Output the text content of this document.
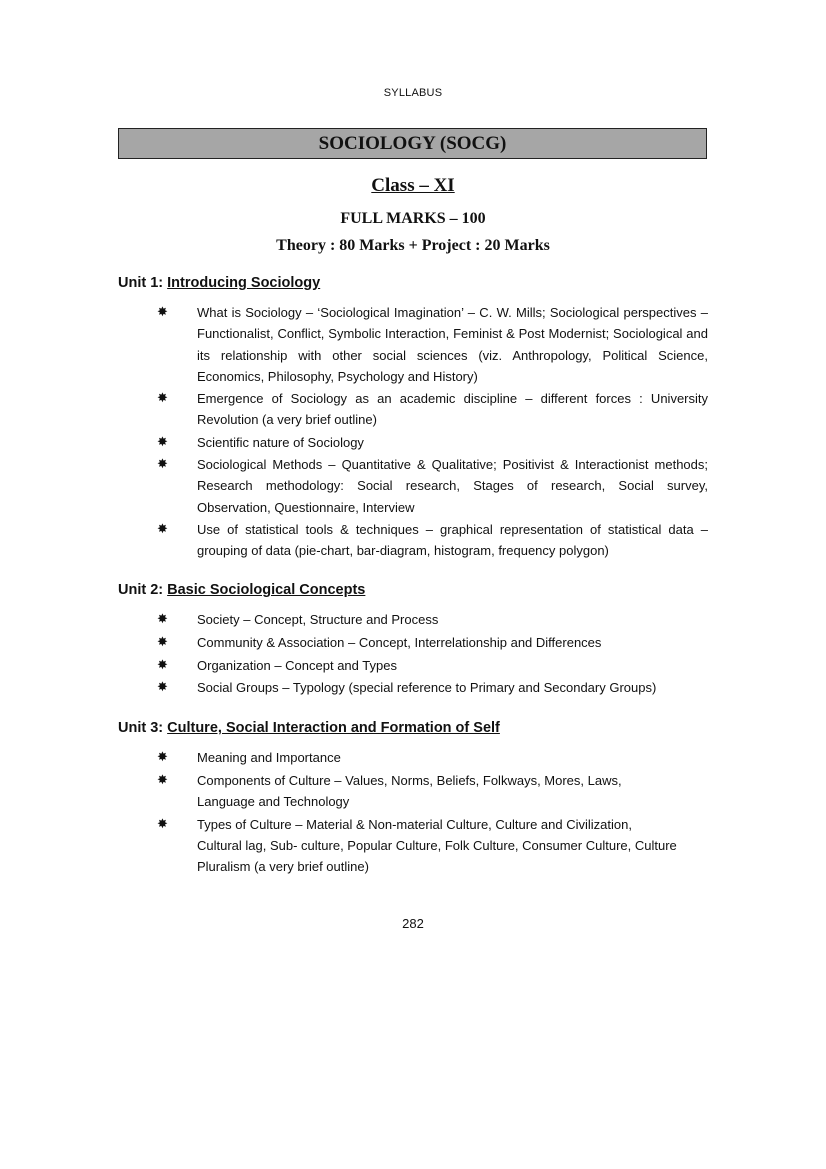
SYLLABUS
SOCIOLOGY (SOCG)
Class – XI
FULL MARKS – 100
Theory : 80 Marks + Project : 20 Marks
Unit 1: Introducing Sociology
✸ What is Sociology – ‘Sociological Imagination’ – C. W. Mills; Sociological perspectives – Functionalist, Conflict, Symbolic Interaction, Feminist & Post Modernist; Sociological and its relationship with other social sciences (viz. Anthropology, Political Science, Economics, Philosophy, Psychology and History)
✸ Emergence of Sociology as an academic discipline – different forces : University Revolution (a very brief outline)
✸ Scientific nature of Sociology
✸ Sociological Methods – Quantitative & Qualitative; Positivist & Interactionist methods; Research methodology: Social research, Stages of research, Social survey, Observation, Questionnaire, Interview
✸ Use of statistical tools & techniques – graphical representation of statistical data – grouping of data (pie-chart, bar-diagram, histogram, frequency polygon)
Unit 2: Basic Sociological Concepts
✸ Society – Concept, Structure and Process
✸ Community & Association – Concept, Interrelationship and Differences
✸ Organization – Concept and Types
✸ Social Groups – Typology (special reference to Primary and Secondary Groups)
Unit 3: Culture, Social Interaction and Formation of Self
✸ Meaning and Importance
✸ Components of Culture – Values, Norms, Beliefs, Folkways, Mores, Laws, Language and Technology
✸ Types of Culture – Material & Non-material Culture, Culture and Civilization, Cultural lag, Sub- culture, Popular Culture, Folk Culture, Consumer Culture, Culture Pluralism (a very brief outline)
282
